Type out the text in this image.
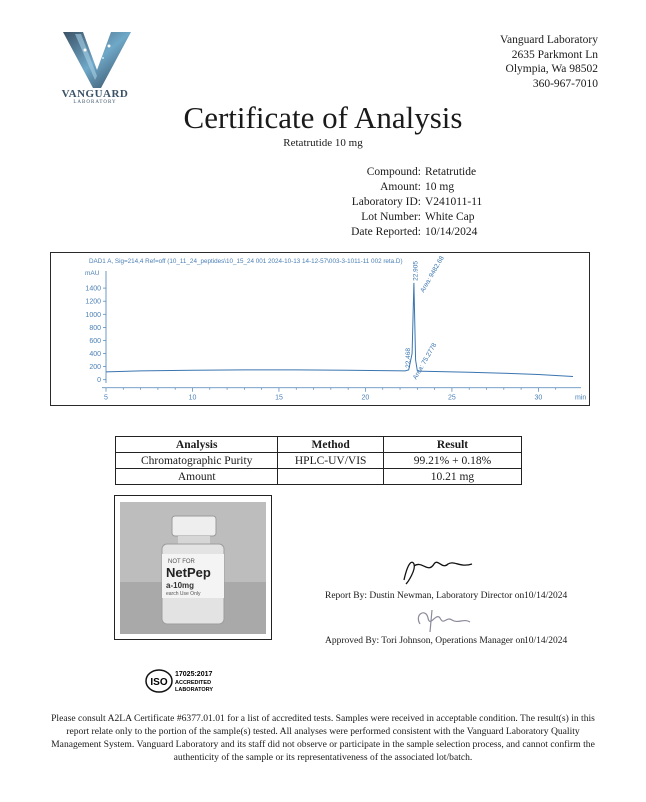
VANGUARD
LABORATORY
Vanguard Laboratory
2635 Parkmont Ln
Olympia, Wa 98502
360-967-7010
Certificate of Analysis
Retatrutide 10 mg
Compound: Retatrutide
Amount: 10 mg
Laboratory ID: V241011-11
Lot Number: White Cap
Date Reported: 10/14/2024
DAD1 A, Sig=214,4 Ref=off (10_11_24_peptides\10_15_24 001 2024-10-13 14-12-57\003-3-1011-11 002 reta.D)
mAU
0
200
400
600
800
1000
1200
1400
5	10	15	20	25	30	min
22.468 Area: 75.2778
22.905 Area: 9482.68
Analysis	Method	Result
Chromatographic Purity	HPLC-UV/VIS	99.21% + 0.18%
Amount		10.21 mg
NOT FOR
NetPep
a-10mg
earch Use Only	Report By: Dustin Newman, Laboratory Director on 10/14/2024
Approved By: Tori Johnson, Operations Manager on 10/14/2024
ISO
17025:2017
ACCREDITED
LABORATORY
Please consult A2LA Certificate #6377.01.01 for a list of accredited tests. Samples were received in acceptable condition. The result(s) in this report relate only to the portion of the sample(s) tested. All analyses were performed consistent with the Vanguard Laboratory Quality Management System. Vanguard Laboratory and its staff did not observe or participate in the sample selection process, and cannot confirm the authenticity of the sample or its representativeness of the associated lot/batch.
